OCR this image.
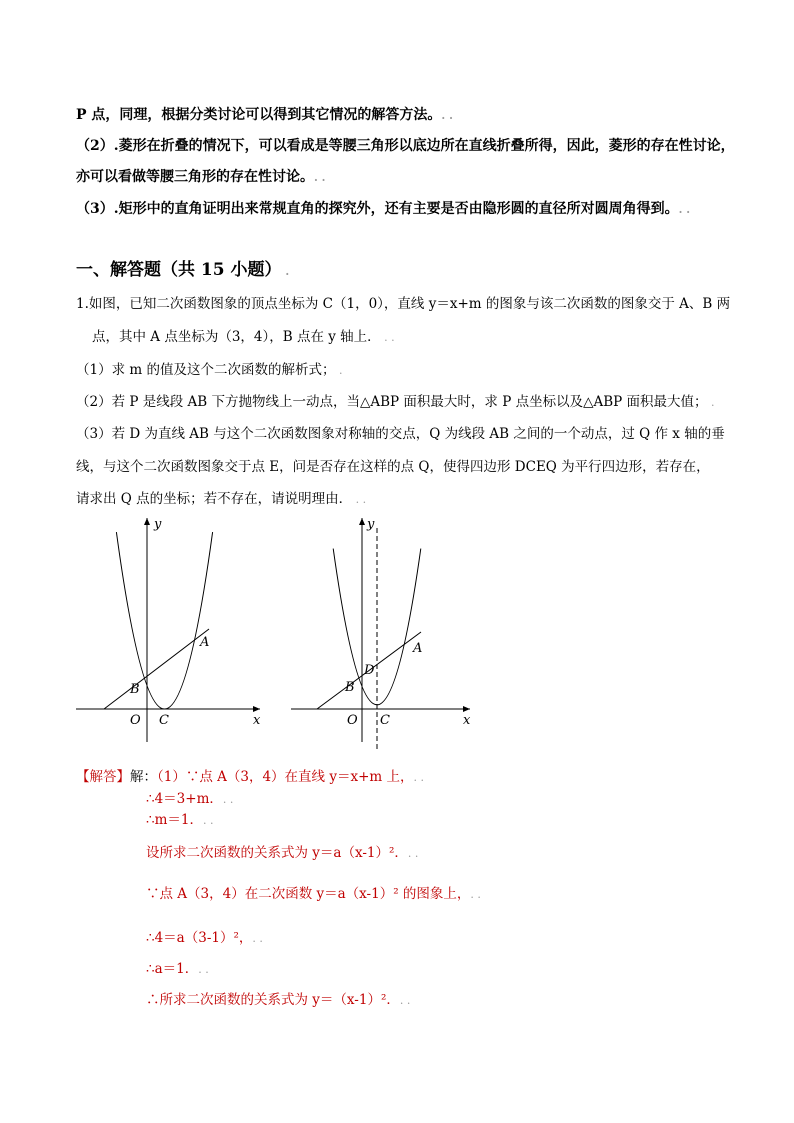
P 点，同理，根据分类讨论可以得到其它情况的解答方法。. .
（2）.菱形在折叠的情况下，可以看成是等腰三角形以底边所在直线折叠所得，因此，菱形的存在性讨论，
亦可以看做等腰三角形的存在性讨论。. .
（3）.矩形中的直角证明出来常规直角的探究外，还有主要是否由隐形圆的直径所对圆周角得到。. .
一、解答题（共 15 小题） .
1.如图，已知二次函数图象的顶点坐标为 C（1，0），直线 y＝x+m 的图象与该二次函数的图象交于 A、B 两
点，其中 A 点坐标为（3，4），B 点在 y 轴上． . .
（1）求 m 的值及这个二次函数的解析式； .
（2）若 P 是线段 AB 下方抛物线上一动点，当△ABP 面积最大时，求 P 点坐标以及△ABP 面积最大值； .
（3）若 D 为直线 AB 与这个二次函数图象对称轴的交点，Q 为线段 AB 之间的一个动点，过 Q 作 x 轴的垂
线，与这个二次函数图象交于点 E，问是否存在这样的点 Q，使得四边形 DCEQ 为平行四边形，若存在，
请求出 Q 点的坐标；若不存在，请说明理由． . .
x
y
O C
B
A
x
y
O C
B
D
A
【解答】解：（1）∵点 A（3，4）在直线 y＝x+m 上，. .
∴4＝3+m．. .
∴m＝1．. .
设所求二次函数的关系式为 y＝a（x-1）²．. .
∵点 A（3，4）在二次函数 y＝a（x-1）² 的图象上，. .
∴4＝a（3-1）²，. .
∴a＝1．. .
∴所求二次函数的关系式为 y＝（x-1）²．. .
